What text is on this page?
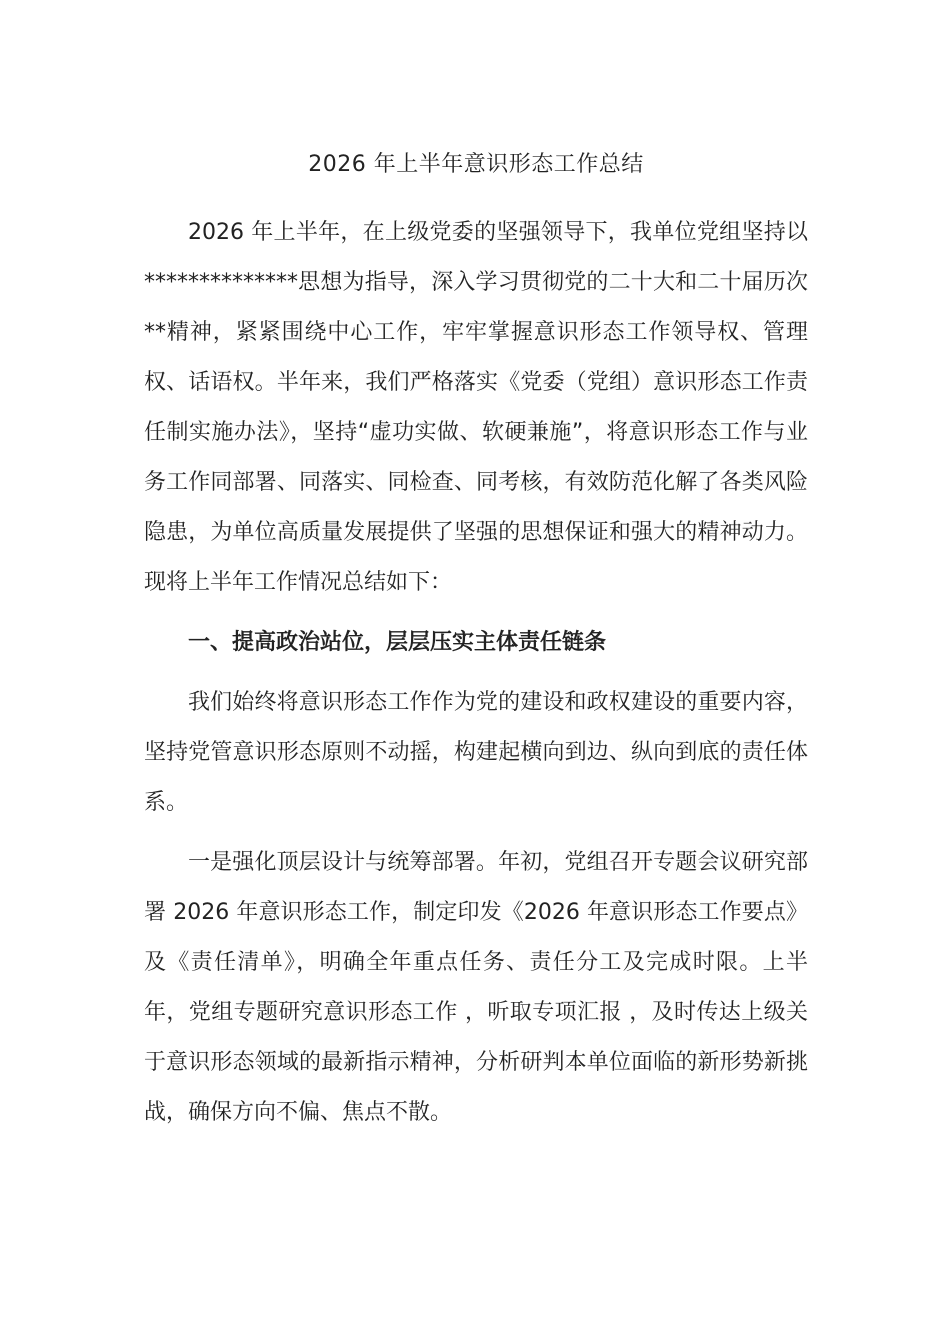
2026 年上半年意识形态工作总结

2026 年上半年，在上级党委的坚强领导下，我单位党组坚持以**************思想为指导，深入学习贯彻党的二十大和二十届历次**精神，紧紧围绕中心工作，牢牢掌握意识形态工作领导权、管理权、话语权。半年来，我们严格落实《党委（党组）意识形态工作责任制实施办法》，坚持“虚功实做、软硬兼施”，将意识形态工作与业务工作同部署、同落实、同检查、同考核，有效防范化解了各类风险隐患，为单位高质量发展提供了坚强的思想保证和强大的精神动力。现将上半年工作情况总结如下：

一、提高政治站位，层层压实主体责任链条

我们始终将意识形态工作作为党的建设和政权建设的重要内容，坚持党管意识形态原则不动摇，构建起横向到边、纵向到底的责任体系。

一是强化顶层设计与统筹部署。年初，党组召开专题会议研究部署 2026 年意识形态工作，制定印发《2026 年意识形态工作要点》及《责任清单》，明确全年重点任务、责任分工及完成时限。上半年，党组专题研究意识形态工作 ，听取专项汇报 ，及时传达上级关于意识形态领域的最新指示精神，分析研判本单位面临的新形势新挑战，确保方向不偏、焦点不散。
